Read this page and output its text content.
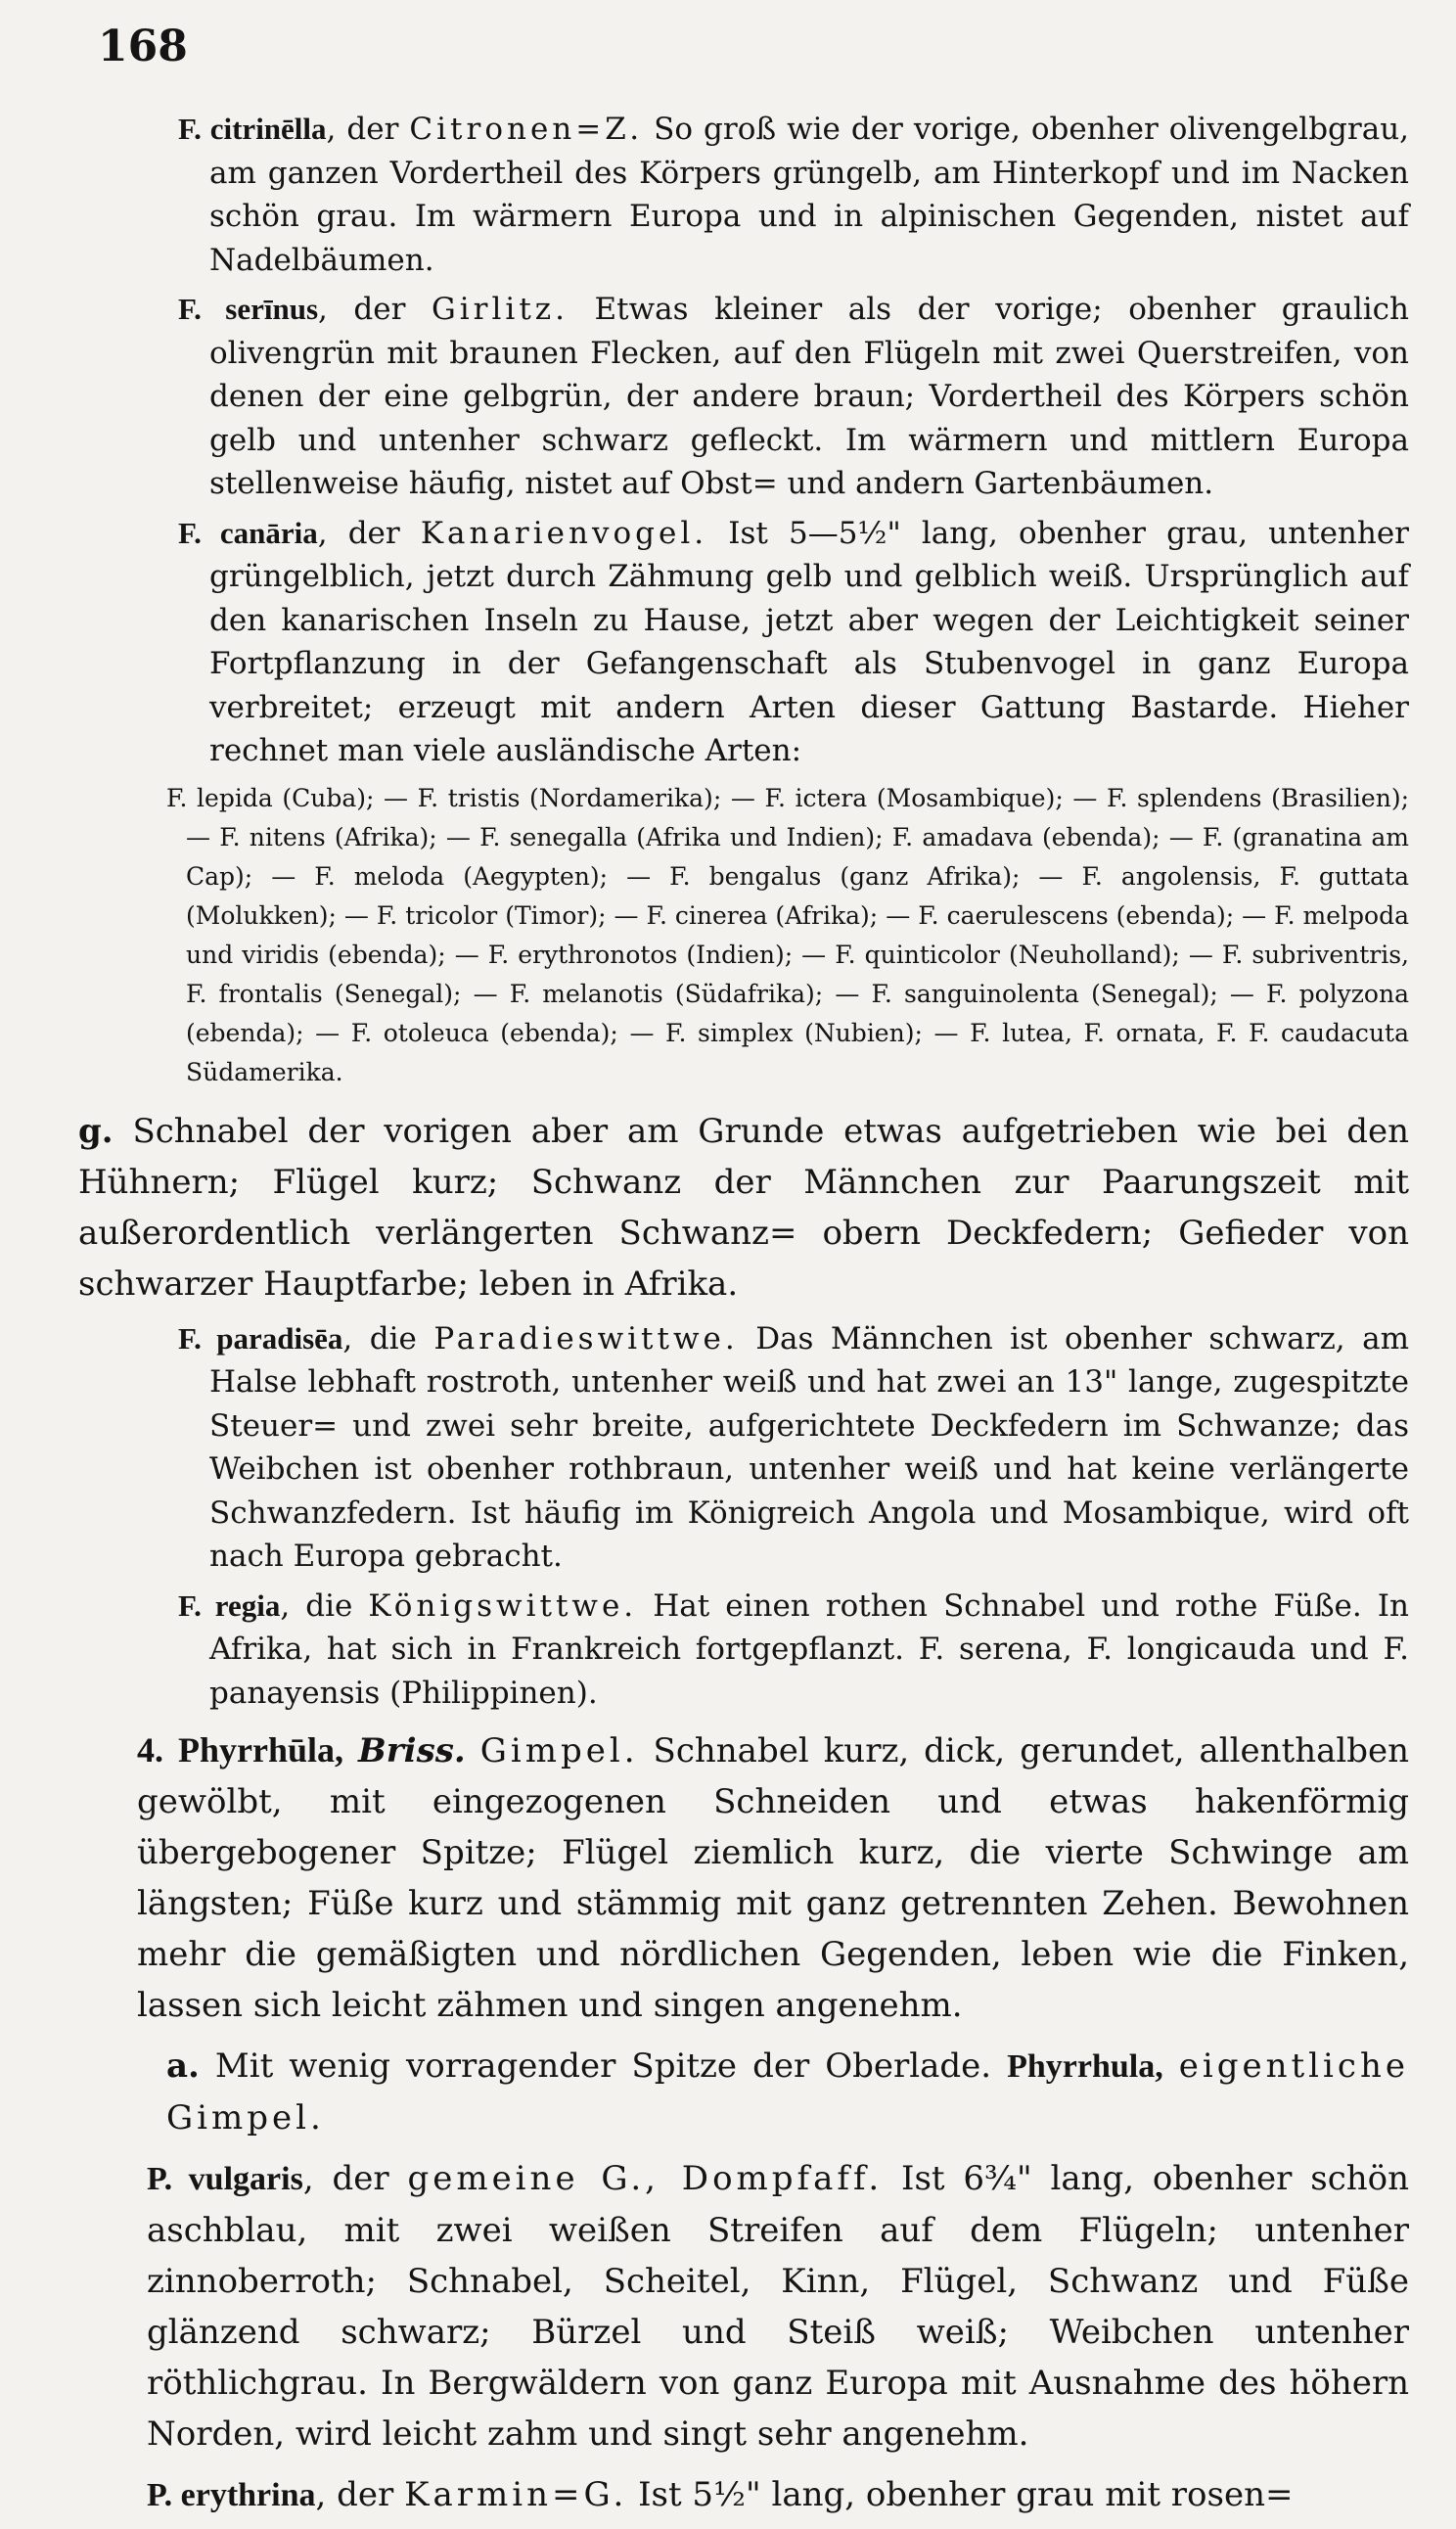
168

F. citrinēlla, der Citronen=Z. So groß wie der vorige, obenher olivengelbgrau, am ganzen Vordertheil des Körpers grüngelb, am Hinterkopf und im Nacken schön grau. Im wärmern Europa und in alpinischen Gegenden, nistet auf Nadelbäumen.

F. serīnus, der Girlitz. Etwas kleiner als der vorige; obenher graulich olivengrün mit braunen Flecken, auf den Flügeln mit zwei Querstreifen, von denen der eine gelbgrün, der andere braun; Vordertheil des Körpers schön gelb und untenher schwarz gefleckt. Im wärmern und mittlern Europa stellenweise häufig, nistet auf Obst= und andern Gartenbäumen.

F. canāria, der Kanarienvogel. Ist 5—5½" lang, obenher grau, untenher grüngelblich, jetzt durch Zähmung gelb und gelblich weiß. Ursprünglich auf den kanarischen Inseln zu Hause, jetzt aber wegen der Leichtigkeit seiner Fortpflanzung in der Gefangenschaft als Stubenvogel in ganz Europa verbreitet; erzeugt mit andern Arten dieser Gattung Bastarde. Hieher rechnet man viele ausländische Arten:

F. lepida (Cuba); — F. tristis (Nordamerika); — F. ictera (Mosambique); — F. splendens (Brasilien); — F. nitens (Afrika); — F. senegalla (Afrika und Indien); F. amadava (ebenda); — F. (granatina am Cap); — F. meloda (Aegypten); — F. bengalus (ganz Afrika); — F. angolensis, F. guttata (Molukken); — F. tricolor (Timor); — F. cinerea (Afrika); — F. caerulescens (ebenda); — F. melpoda und viridis (ebenda); — F. erythronotos (Indien); — F. quinticolor (Neuholland); — F. subriventris, F. frontalis (Senegal); — F. melanotis (Südafrika); — F. sanguinolenta (Senegal); — F. polyzona (ebenda); — F. otoleuca (ebenda); — F. simplex (Nubien); — F. lutea, F. ornata, F. F. caudacuta Südamerika.

g. Schnabel der vorigen aber am Grunde etwas aufgetrieben wie bei den Hühnern; Flügel kurz; Schwanz der Männchen zur Paarungszeit mit außerordentlich verlängerten Schwanz= obern Deckfedern; Gefieder von schwarzer Hauptfarbe; leben in Afrika.

F. paradisēa, die Paradieswittwe. Das Männchen ist obenher schwarz, am Halse lebhaft rostroth, untenher weiß und hat zwei an 13" lange, zugespitzte Steuer= und zwei sehr breite, aufgerichtete Deckfedern im Schwanze; das Weibchen ist obenher rothbraun, untenher weiß und hat keine verlängerte Schwanzfedern. Ist häufig im Königreich Angola und Mosambique, wird oft nach Europa gebracht.

F. regia, die Königswittwe. Hat einen rothen Schnabel und rothe Füße. In Afrika, hat sich in Frankreich fortgepflanzt. F. serena, F. longicauda und F. panayensis (Philippinen).

4. Phyrrhūla, Briss. Gimpel. Schnabel kurz, dick, gerundet, allenthalben gewölbt, mit eingezogenen Schneiden und etwas hakenförmig übergebogener Spitze; Flügel ziemlich kurz, die vierte Schwinge am längsten; Füße kurz und stämmig mit ganz getrennten Zehen. Bewohnen mehr die gemäßigten und nördlichen Gegenden, leben wie die Finken, lassen sich leicht zähmen und singen angenehm.

a. Mit wenig vorragender Spitze der Oberlade. Phyrrhula, eigentliche Gimpel.

P. vulgaris, der gemeine G., Dompfaff. Ist 6¾" lang, obenher schön aschblau, mit zwei weißen Streifen auf dem Flügeln; untenher zinnoberroth; Schnabel, Scheitel, Kinn, Flügel, Schwanz und Füße glänzend schwarz; Bürzel und Steiß weiß; Weibchen untenher röthlichgrau. In Bergwäldern von ganz Europa mit Ausnahme des höhern Norden, wird leicht zahm und singt sehr angenehm.

P. erythrina, der Karmin=G. Ist 5½" lang, obenher grau mit rosen=
